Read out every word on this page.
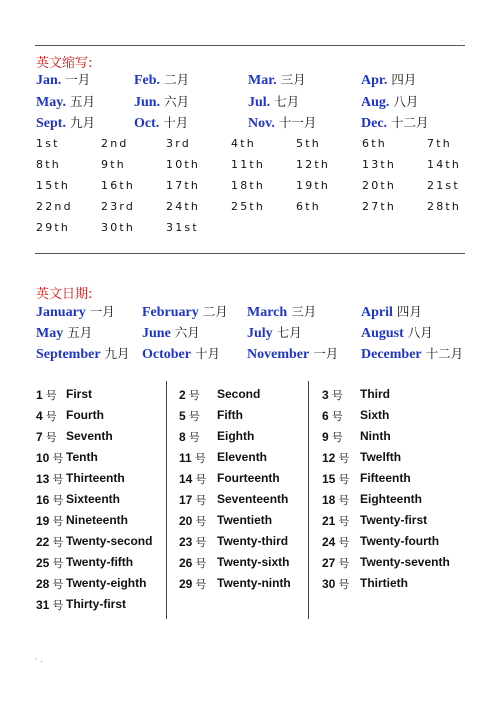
·
英文缩写:
Jan. 一月	Feb. 二月	Mar. 三月	Apr. 四月
May. 五月	Jun. 六月	Jul. 七月	Aug. 八月
Sept. 九月	Oct. 十月	Nov. 十一月	Dec. 十二月
1st	2nd	3rd	4th	5th	6th	7th
8th	9th	10th	11th	12th	13th	14th
15th	16th	17th	18th	19th	20th	21st
22nd	23rd	24th	25th	6th	27th	28th
29th	30th	31st
英文日期:
January 一月 February 二月 March 三月	April 四月
May 五月	June 六月	July 七月	August 八月
September 九月 October 十月 November 一月 December 十二月
1 号 First
4 号 Fourth
7 号 Seventh
10 号 Tenth
13 号 Thirteenth
16 号 Sixteenth
19 号 Nineteenth
22 号 Twenty-second
25 号 Twenty-fifth
28 号 Twenty-eighth
31 号 Thirty-first
2 号 Second
5 号 Fifth
8 号 Eighth
11 号 Eleventh
14 号 Fourteenth
17 号 Seventeenth
20 号 Twentieth
23 号 Twenty-third
26 号 Twenty-sixth
29 号 Twenty-ninth
3 号 Third
6 号 Sixth
9 号 Ninth
12 号 Twelfth
15 号 Fifteenth
18 号 Eighteenth
21 号 Twenty-first
24 号 Twenty-fourth
27 号 Twenty-seventh
30 号 Thirtieth
· .
